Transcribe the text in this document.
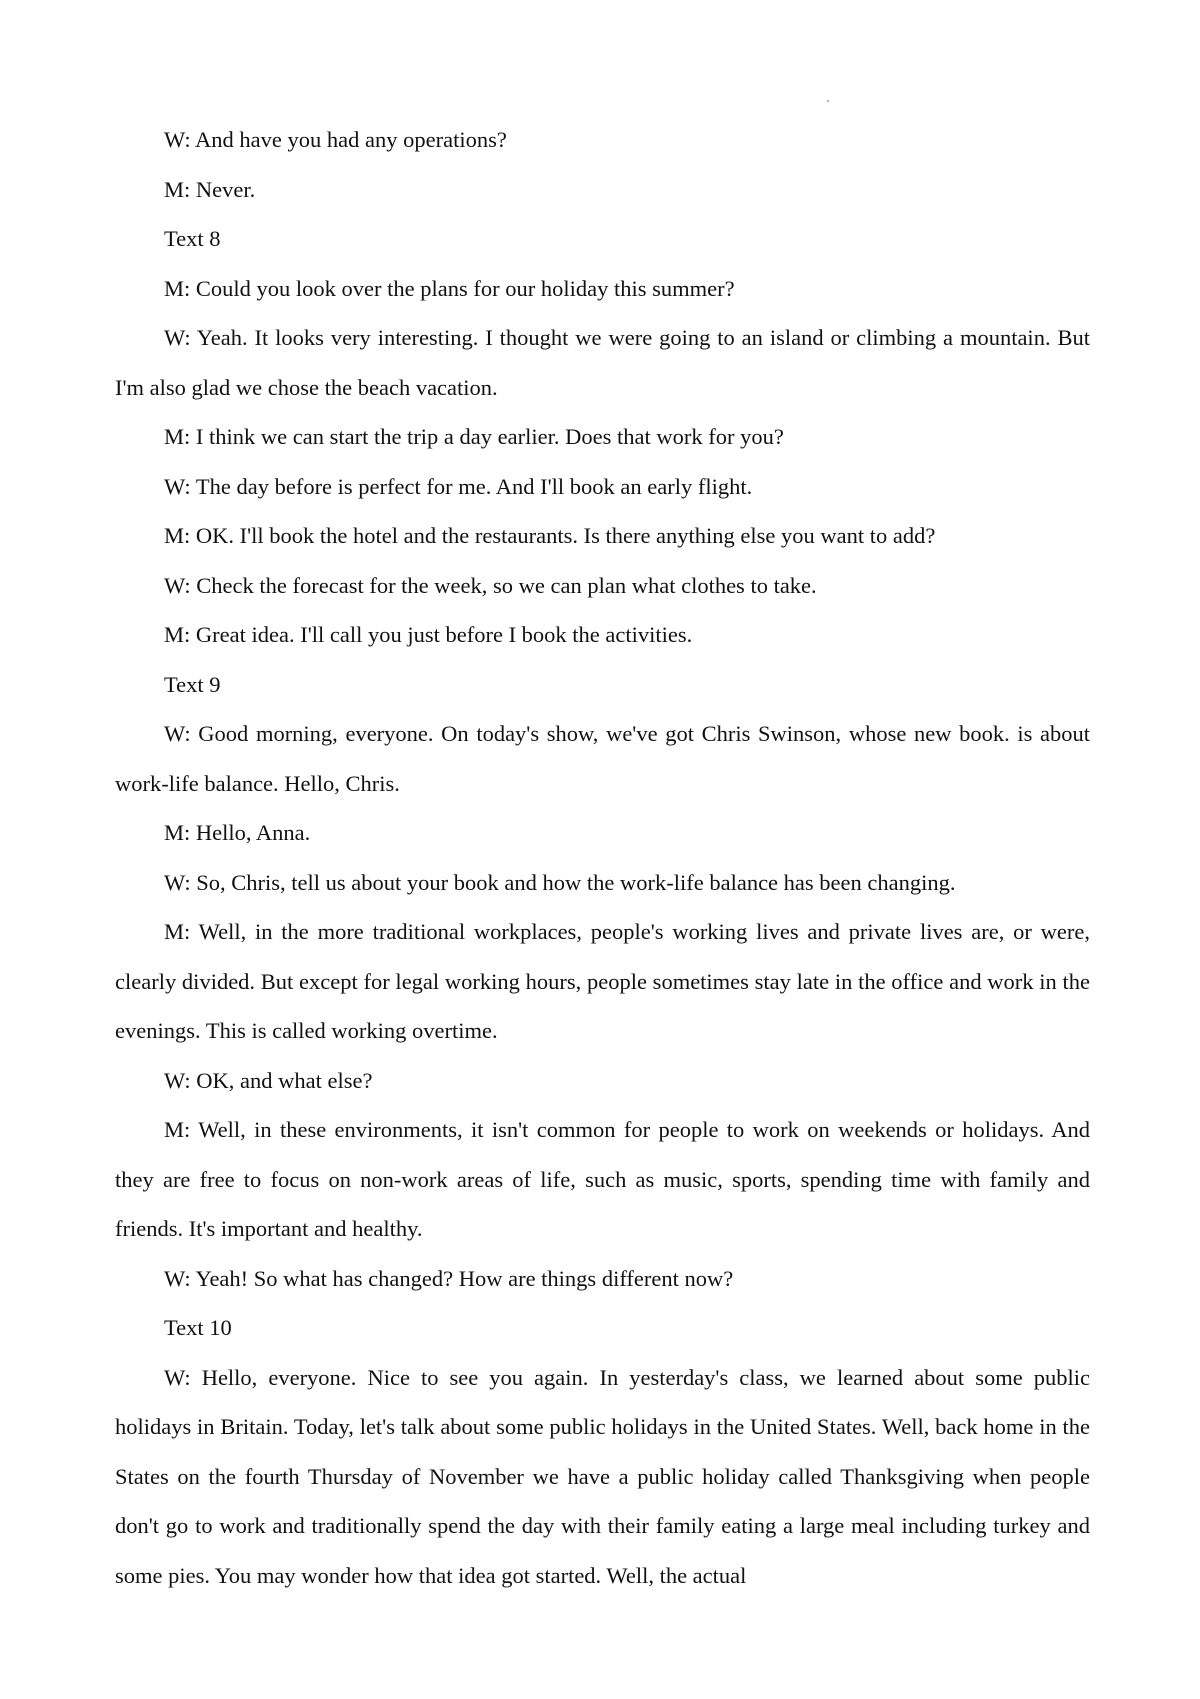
W: And have you had any operations?

M: Never.

Text 8

M: Could you look over the plans for our holiday this summer?

W: Yeah. It looks very interesting. I thought we were going to an island or climbing a mountain. But I'm also glad we chose the beach vacation.

M: I think we can start the trip a day earlier. Does that work for you?

W: The day before is perfect for me. And I'll book an early flight.

M: OK. I'll book the hotel and the restaurants. Is there anything else you want to add?

W: Check the forecast for the week, so we can plan what clothes to take.

M: Great idea. I'll call you just before I book the activities.

Text 9

W: Good morning, everyone. On today's show, we've got Chris Swinson, whose new book. is about work-life balance. Hello, Chris.

M: Hello, Anna.

W: So, Chris, tell us about your book and how the work-life balance has been changing.

M: Well, in the more traditional workplaces, people's working lives and private lives are, or were, clearly divided. But except for legal working hours, people sometimes stay late in the office and work in the evenings. This is called working overtime.

W: OK, and what else?

M: Well, in these environments, it isn't common for people to work on weekends or holidays. And they are free to focus on non-work areas of life, such as music, sports, spending time with family and friends. It's important and healthy.

W: Yeah! So what has changed? How are things different now?

Text 10

W: Hello, everyone. Nice to see you again. In yesterday's class, we learned about some public holidays in Britain. Today, let's talk about some public holidays in the United States. Well, back home in the States on the fourth Thursday of November we have a public holiday called Thanksgiving when people don't go to work and traditionally spend the day with their family eating a large meal including turkey and some pies. You may wonder how that idea got started. Well, the actual
